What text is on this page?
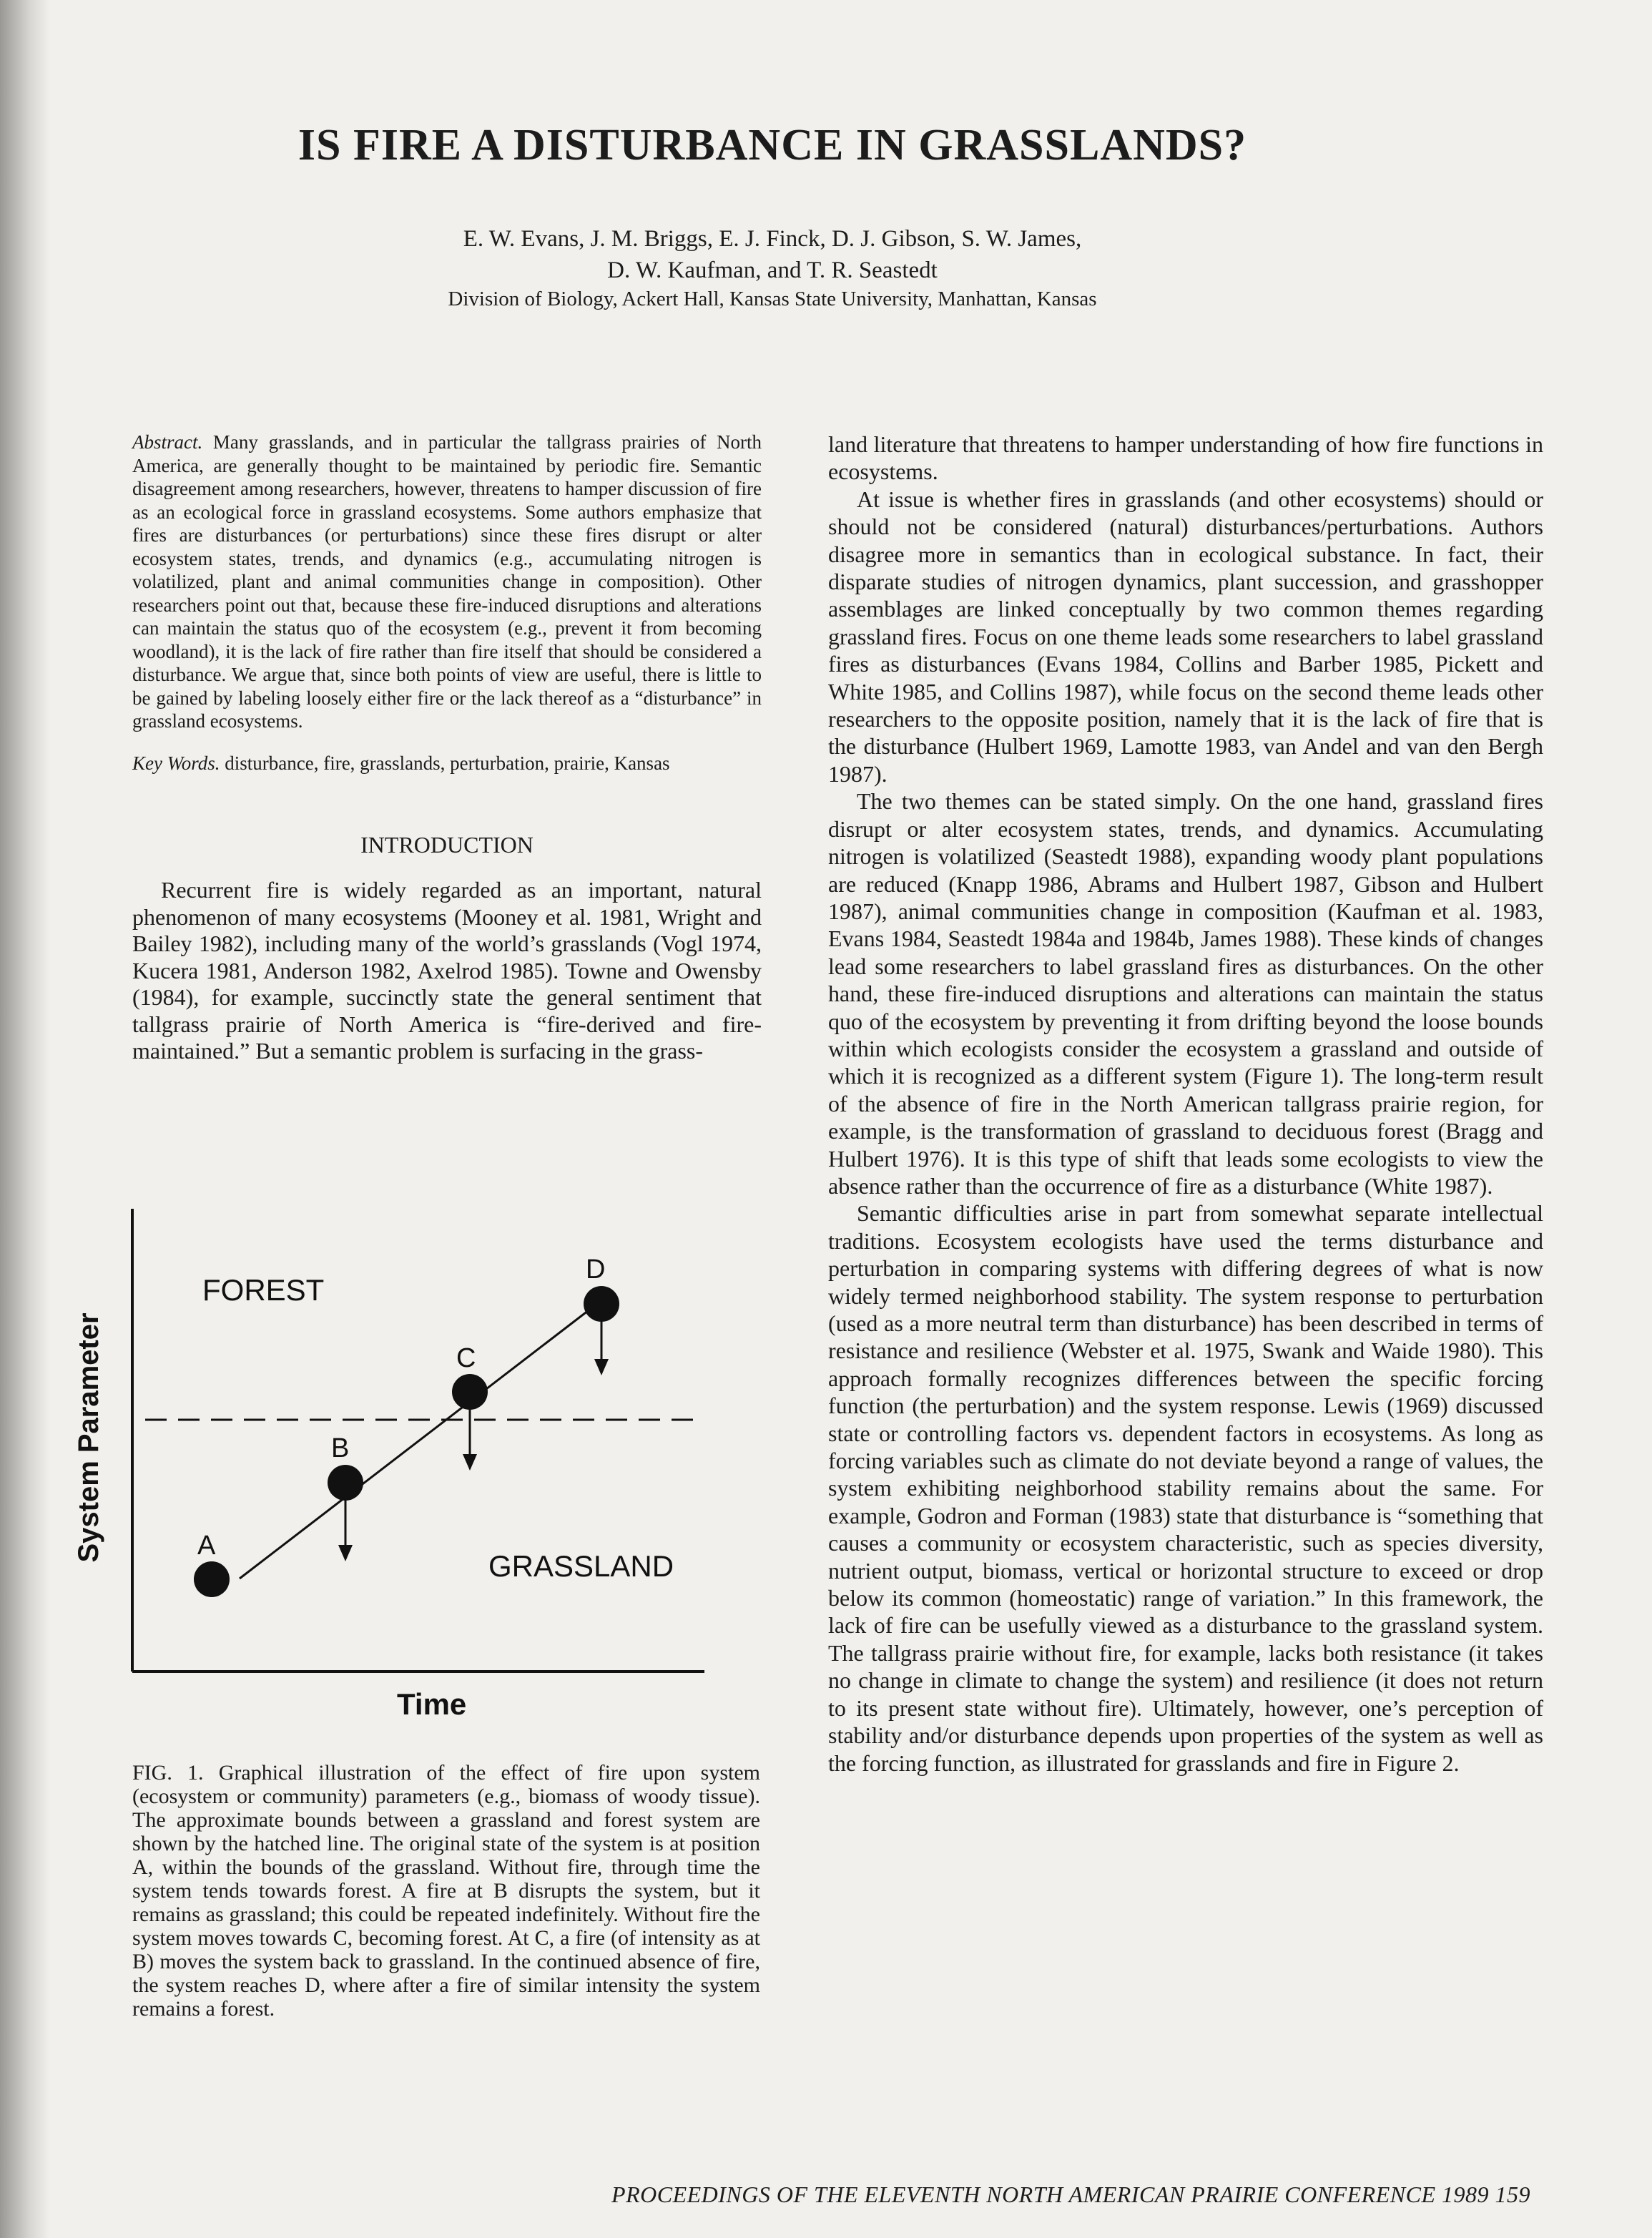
IS FIRE A DISTURBANCE IN GRASSLANDS?
E. W. Evans, J. M. Briggs, E. J. Finck, D. J. Gibson, S. W. James,
D. W. Kaufman, and T. R. Seastedt
Division of Biology, Ackert Hall, Kansas State University, Manhattan, Kansas

Abstract. Many grasslands, and in particular the tallgrass prairies of North America, are generally thought to be maintained by periodic fire. Semantic disagreement among researchers, however, threatens to hamper discussion of fire as an ecological force in grassland ecosystems. Some authors emphasize that fires are disturbances (or perturbations) since these fires disrupt or alter ecosystem states, trends, and dynamics (e.g., accumulating nitrogen is volatilized, plant and animal communities change in composition). Other researchers point out that, because these fire-induced disruptions and alterations can maintain the status quo of the ecosystem (e.g., prevent it from becoming woodland), it is the lack of fire rather than fire itself that should be considered a disturbance. We argue that, since both points of view are useful, there is little to be gained by labeling loosely either fire or the lack thereof as a “disturbance” in grassland ecosystems.

Key Words. disturbance, fire, grasslands, perturbation, prairie, Kansas

INTRODUCTION

Recurrent fire is widely regarded as an important, natural phenomenon of many ecosystems (Mooney et al. 1981, Wright and Bailey 1982), including many of the world’s grasslands (Vogl 1974, Kucera 1981, Anderson 1982, Axelrod 1985). Towne and Owensby (1984), for example, succinctly state the general sentiment that tallgrass prairie of North America is “fire-derived and fire-maintained.” But a semantic problem is surfacing in the grass-

A
B
C
D
FOREST
GRASSLAND
Time
System Parameter

FIG. 1. Graphical illustration of the effect of fire upon system (ecosystem or community) parameters (e.g., biomass of woody tissue). The approximate bounds between a grassland and forest system are shown by the hatched line. The original state of the system is at position A, within the bounds of the grassland. Without fire, through time the system tends towards forest. A fire at B disrupts the system, but it remains as grassland; this could be repeated indefinitely. Without fire the system moves towards C, becoming forest. At C, a fire (of intensity as at B) moves the system back to grassland. In the continued absence of fire, the system reaches D, where after a fire of similar intensity the system remains a forest.

land literature that threatens to hamper understanding of how fire functions in ecosystems.

At issue is whether fires in grasslands (and other ecosystems) should or should not be considered (natural) disturbances/perturbations. Authors disagree more in semantics than in ecological substance. In fact, their disparate studies of nitrogen dynamics, plant succession, and grasshopper assemblages are linked conceptually by two common themes regarding grassland fires. Focus on one theme leads some researchers to label grassland fires as disturbances (Evans 1984, Collins and Barber 1985, Pickett and White 1985, and Collins 1987), while focus on the second theme leads other researchers to the opposite position, namely that it is the lack of fire that is the disturbance (Hulbert 1969, Lamotte 1983, van Andel and van den Bergh 1987).

The two themes can be stated simply. On the one hand, grassland fires disrupt or alter ecosystem states, trends, and dynamics. Accumulating nitrogen is volatilized (Seastedt 1988), expanding woody plant populations are reduced (Knapp 1986, Abrams and Hulbert 1987, Gibson and Hulbert 1987), animal communities change in composition (Kaufman et al. 1983, Evans 1984, Seastedt 1984a and 1984b, James 1988). These kinds of changes lead some researchers to label grassland fires as disturbances. On the other hand, these fire-induced disruptions and alterations can maintain the status quo of the ecosystem by preventing it from drifting beyond the loose bounds within which ecologists consider the ecosystem a grassland and outside of which it is recognized as a different system (Figure 1). The long-term result of the absence of fire in the North American tallgrass prairie region, for example, is the transformation of grassland to deciduous forest (Bragg and Hulbert 1976). It is this type of shift that leads some ecologists to view the absence rather than the occurrence of fire as a disturbance (White 1987).

Semantic difficulties arise in part from somewhat separate intellectual traditions. Ecosystem ecologists have used the terms disturbance and perturbation in comparing systems with differing degrees of what is now widely termed neighborhood stability. The system response to perturbation (used as a more neutral term than disturbance) has been described in terms of resistance and resilience (Webster et al. 1975, Swank and Waide 1980). This approach formally recognizes differences between the specific forcing function (the perturbation) and the system response. Lewis (1969) discussed state or controlling factors vs. dependent factors in ecosystems. As long as forcing variables such as climate do not deviate beyond a range of values, the system exhibiting neighborhood stability remains about the same. For example, Godron and Forman (1983) state that disturbance is “something that causes a community or ecosystem characteristic, such as species diversity, nutrient output, biomass, vertical or horizontal structure to exceed or drop below its common (homeostatic) range of variation.” In this framework, the lack of fire can be usefully viewed as a disturbance to the grassland system. The tallgrass prairie without fire, for example, lacks both resistance (it takes no change in climate to change the system) and resilience (it does not return to its present state without fire). Ultimately, however, one’s perception of stability and/or disturbance depends upon properties of the system as well as the forcing function, as illustrated for grasslands and fire in Figure 2.

PROCEEDINGS OF THE ELEVENTH NORTH AMERICAN PRAIRIE CONFERENCE 1989 159
